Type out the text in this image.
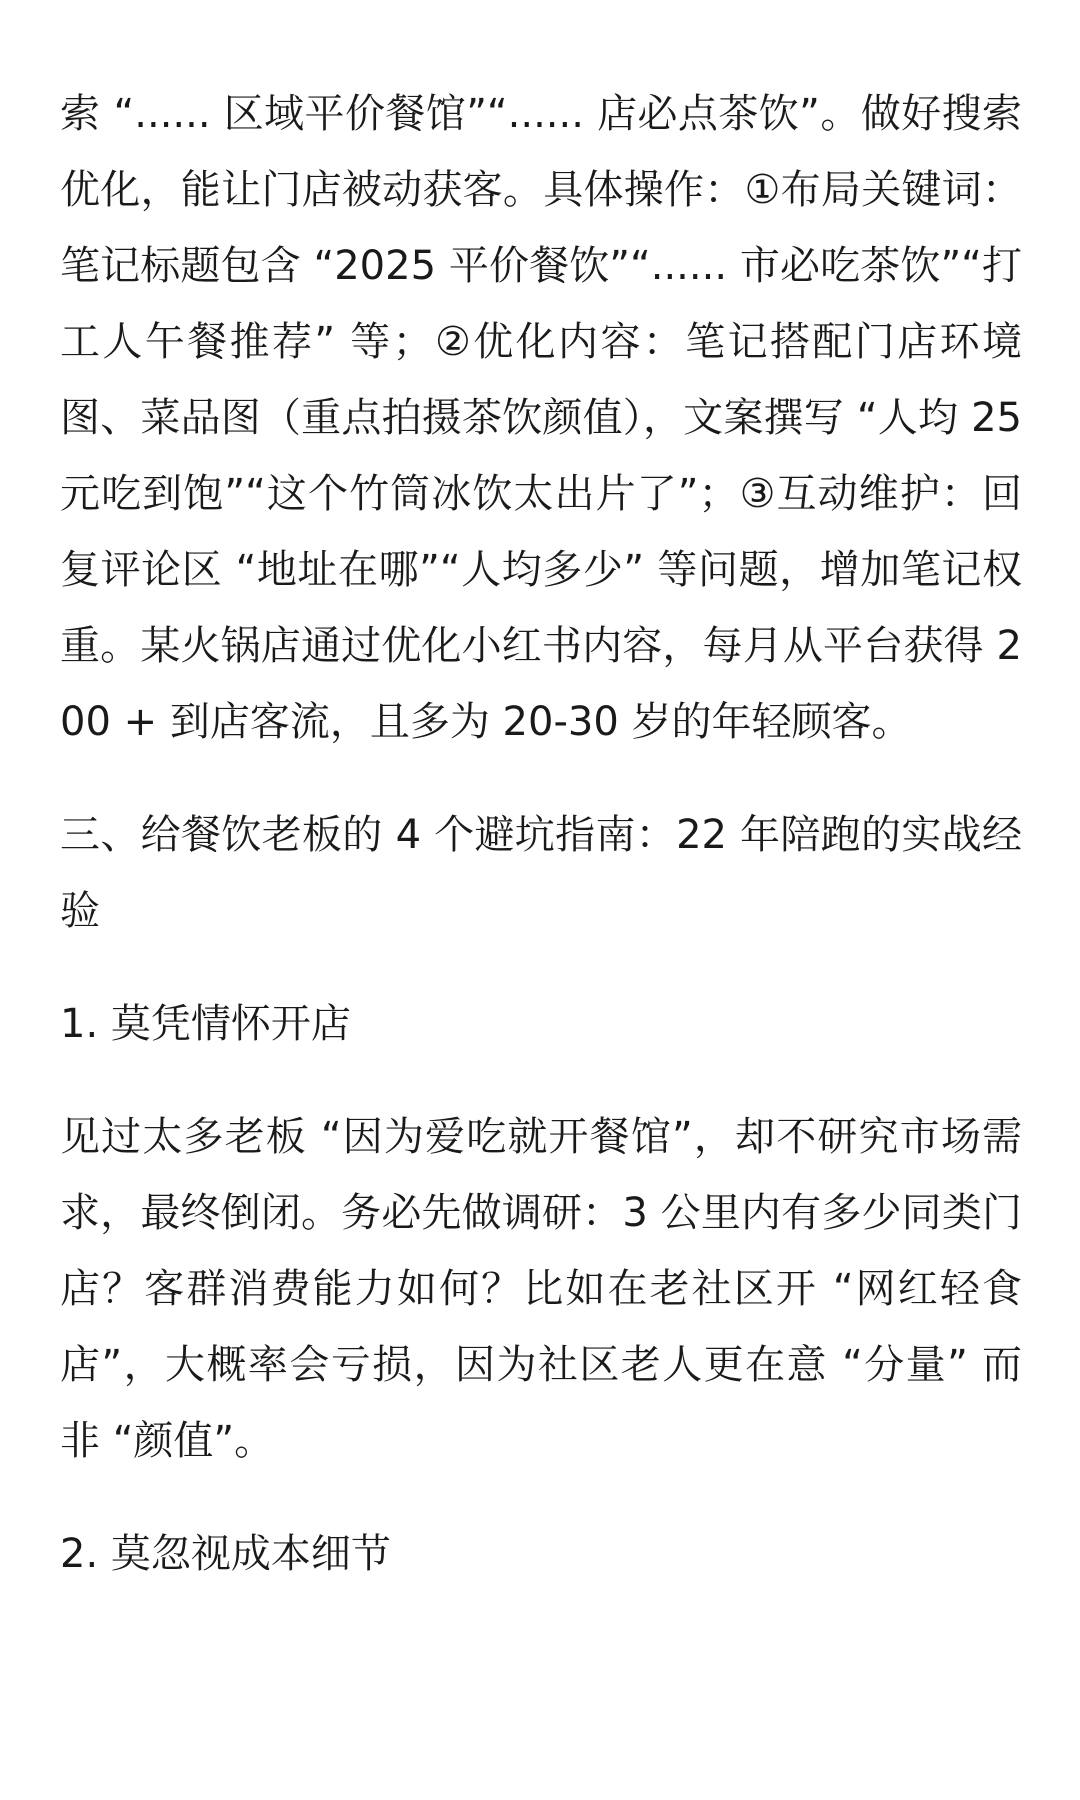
索 “...... 区域平价餐馆”“...... 店必点茶饮”。做好搜索优化，能让门店被动获客。具体操作：①布局关键词：笔记标题包含 “2025 平价餐饮”“...... 市必吃茶饮”“打工人午餐推荐” 等；②优化内容：笔记搭配门店环境图、菜品图（重点拍摄茶饮颜值），文案撰写 “人均 25 元吃到饱”“这个竹筒冰饮太出片了”；③互动维护：回复评论区 “地址在哪”“人均多少” 等问题，增加笔记权重。某火锅店通过优化小红书内容，每月从平台获得 200 + 到店客流，且多为 20-30 岁的年轻顾客。

三、给餐饮老板的 4 个避坑指南：22 年陪跑的实战经验

1. 莫凭情怀开店

见过太多老板 “因为爱吃就开餐馆”，却不研究市场需求，最终倒闭。务必先做调研：3 公里内有多少同类门店？客群消费能力如何？比如在老社区开 “网红轻食店”，大概率会亏损，因为社区老人更在意 “分量” 而非 “颜值”。

2. 莫忽视成本细节
